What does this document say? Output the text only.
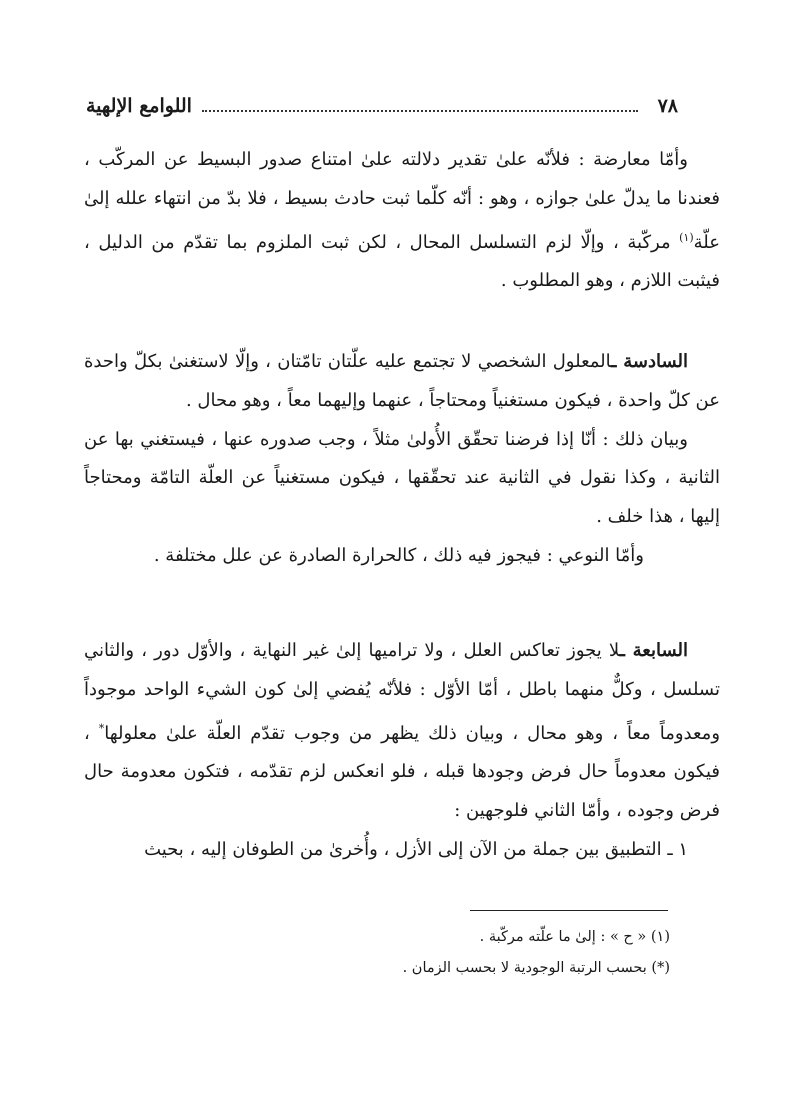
٧٨
اللوامع الإلهية

وأمّا معارضة : فلأنّه علىٰ تقدير دلالته علىٰ امتناع صدور البسيط عن المركّب ، فعندنا ما يدلّ علىٰ جوازه ، وهو : أنّه كلّما ثبت حادث بسيط ، فلا بدّ من انتهاء علله إلىٰ علّة$^{(١)}$ مركّبة ، وإلّا لزم التسلسل المحال ، لكن ثبت الملزوم بما تقدّم من الدليل ، فيثبت اللازم ، وهو المطلوب .

السادسة ـالمعلول الشخصي لا تجتمع عليه علّتان تامّتان ، وإلّا لاستغنىٰ بكلّ واحدة عن كلّ واحدة ، فيكون مستغنياً ومحتاجاً ، عنهما وإليهما معاً ، وهو محال .

وبيان ذلك : أنّا إذا فرضنا تحقّق الأُولىٰ مثلاً ، وجب صدوره عنها ، فيستغني بها عن الثانية ، وكذا نقول في الثانية عند تحقّقها ، فيكون مستغنياً عن العلّة التامّة ومحتاجاً إليها ، هذا خلف .

وأمّا النوعي : فيجوز فيه ذلك ، كالحرارة الصادرة عن علل مختلفة .

السابعة ـلا يجوز تعاكس العلل ، ولا ترامیها إلىٰ غير النهاية ، والأوّل دور ، والثاني تسلسل ، وكلٌّ منهما باطل ، أمّا الأوّل : فلأنّه يُفضي إلىٰ كون الشيء الواحد موجوداً ومعدوماً معاً ، وهو محال ، وبيان ذلك يظهر من وجوب تقدّم العلّة علىٰ معلولها* ، فيكون معدوماً حال فرض وجودها قبله ، فلو انعكس لزم تقدّمه ، فتكون معدومة حال فرض وجوده ، وأمّا الثاني فلوجهين :

١ ـ التطبيق بين جملة من الآن إلى الأزل ، وأُخرىٰ من الطوفان إليه ، بحيث

(١) « ح » : إلىٰ ما علّته مركّبة .

(*) بحسب الرتبة الوجودية لا بحسب الزمان .
